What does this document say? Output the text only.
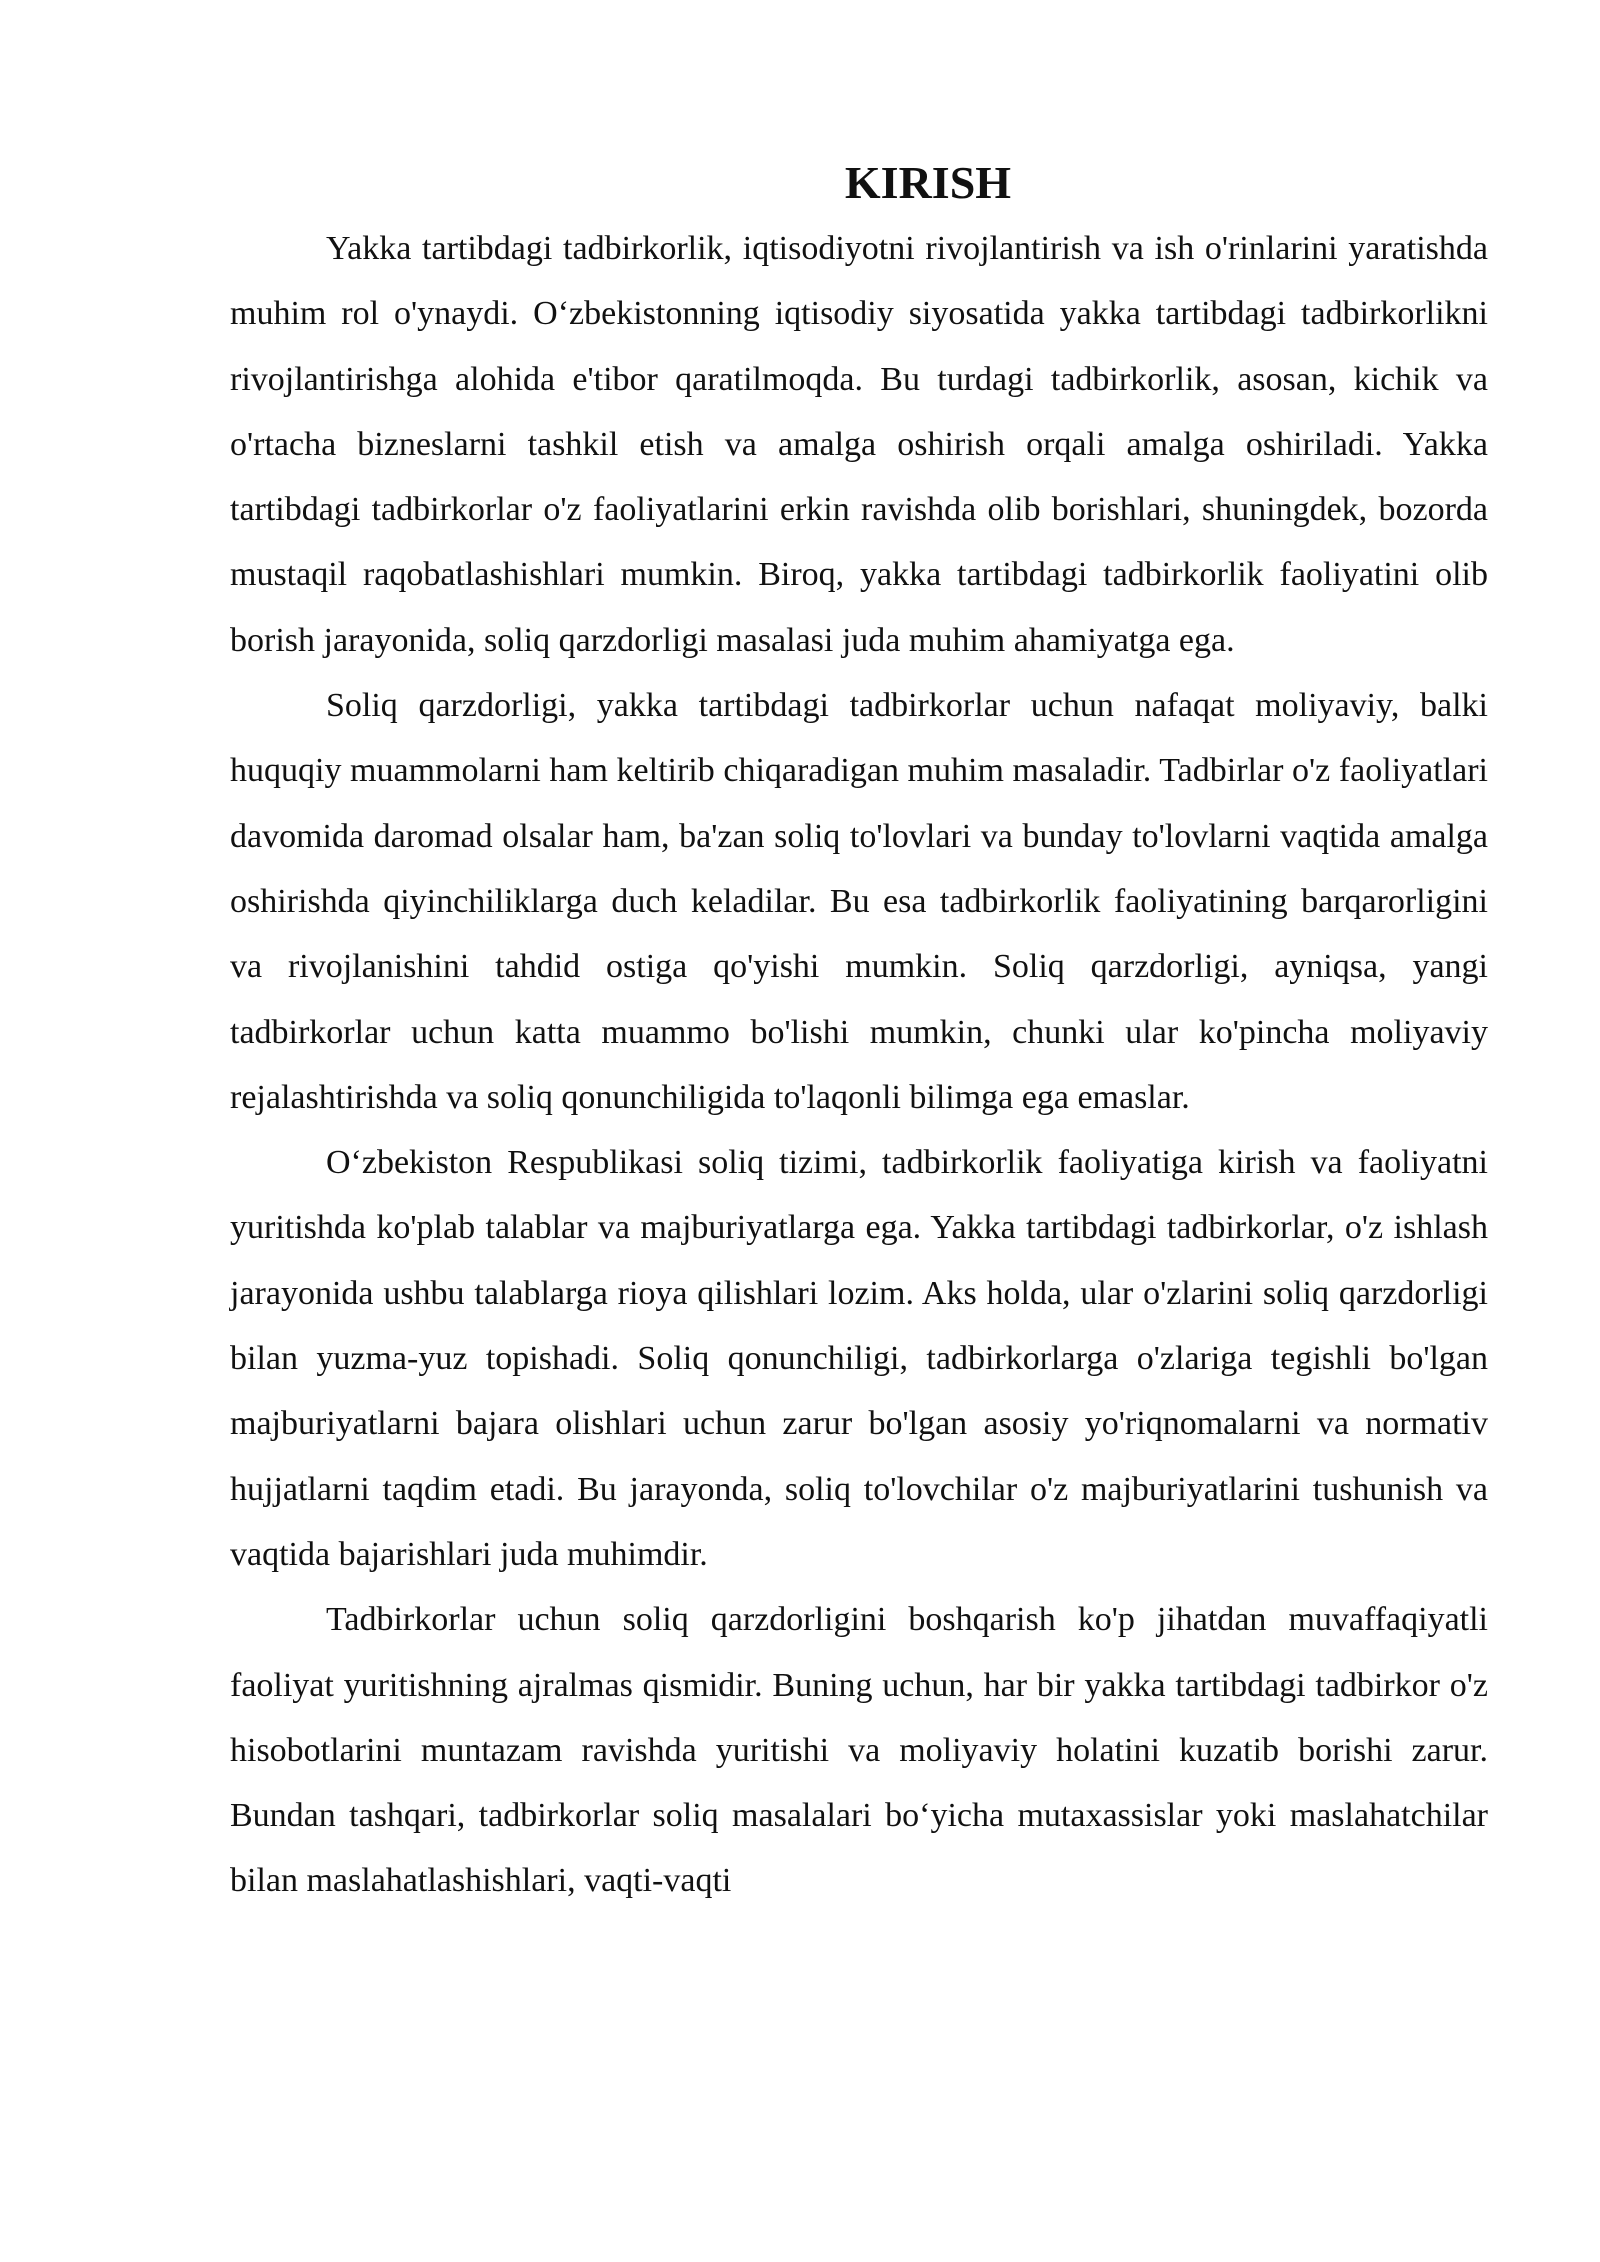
KIRISH

Yakka tartibdagi tadbirkorlik, iqtisodiyotni rivojlantirish va ish o'rinlarini yaratishda muhim rol o'ynaydi. O‘zbekistonning iqtisodiy siyosatida yakka tartibdagi tadbirkorlikni rivojlantirishga alohida e'tibor qaratilmoqda. Bu turdagi tadbirkorlik, asosan, kichik va o'rtacha bizneslarni tashkil etish va amalga oshirish orqali amalga oshiriladi. Yakka tartibdagi tadbirkorlar o'z faoliyatlarini erkin ravishda olib borishlari, shuningdek, bozorda mustaqil raqobatlashishlari mumkin. Biroq, yakka tartibdagi tadbirkorlik faoliyatini olib borish jarayonida, soliq qarzdorligi masalasi juda muhim ahamiyatga ega.

Soliq qarzdorligi, yakka tartibdagi tadbirkorlar uchun nafaqat moliyaviy, balki huquqiy muammolarni ham keltirib chiqaradigan muhim masaladir. Tadbirlar o'z faoliyatlari davomida daromad olsalar ham, ba'zan soliq to'lovlari va bunday to'lovlarni vaqtida amalga oshirishda qiyinchiliklarga duch keladilar. Bu esa tadbirkorlik faoliyatining barqarorligini va rivojlanishini tahdid ostiga qo'yishi mumkin. Soliq qarzdorligi, ayniqsa, yangi tadbirkorlar uchun katta muammo bo'lishi mumkin, chunki ular ko'pincha moliyaviy rejalashtirishda va soliq qonunchiligida to'laqonli bilimga ega emaslar.

O‘zbekiston Respublikasi soliq tizimi, tadbirkorlik faoliyatiga kirish va faoliyatni yuritishda ko'plab talablar va majburiyatlarga ega. Yakka tartibdagi tadbirkorlar, o'z ishlash jarayonida ushbu talablarga rioya qilishlari lozim. Aks holda, ular o'zlarini soliq qarzdorligi bilan yuzma-yuz topishadi. Soliq qonunchiligi, tadbirkorlarga o'zlariga tegishli bo'lgan majburiyatlarni bajara olishlari uchun zarur bo'lgan asosiy yo'riqnomalarni va normativ hujjatlarni taqdim etadi. Bu jarayonda, soliq to'lovchilar o'z majburiyatlarini tushunish va vaqtida bajarishlari juda muhimdir.

Tadbirkorlar uchun soliq qarzdorligini boshqarish ko'p jihatdan muvaffaqiyatli faoliyat yuritishning ajralmas qismidir. Buning uchun, har bir yakka tartibdagi tadbirkor o'z hisobotlarini muntazam ravishda yuritishi va moliyaviy holatini kuzatib borishi zarur. Bundan tashqari, tadbirkorlar soliq masalalari bo‘yicha mutaxassislar yoki maslahatchilar bilan maslahatlashishlari, vaqti-vaqti
